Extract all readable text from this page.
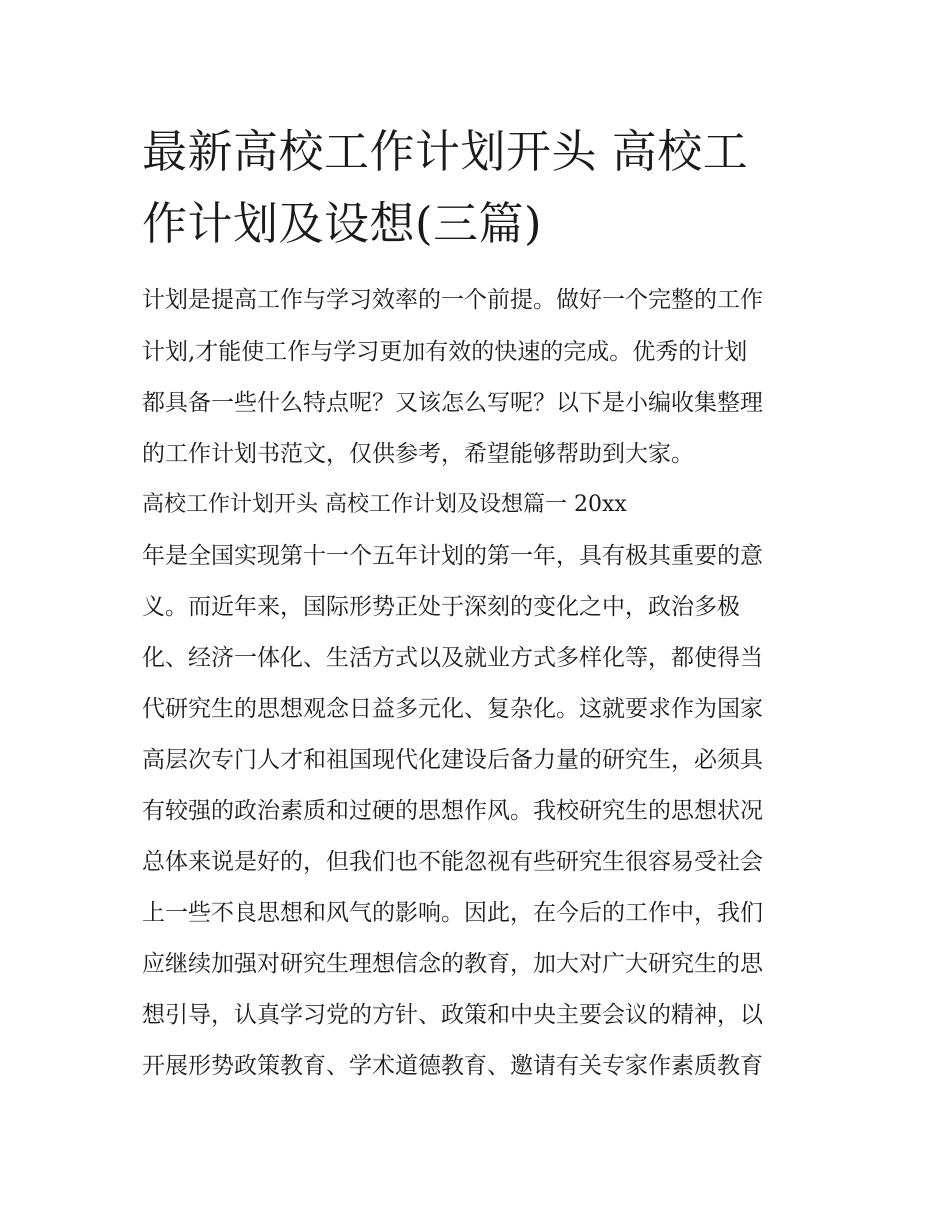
最新高校工作计划开头 高校工
作计划及设想(三篇)

计划是提高工作与学习效率的一个前提。做好一个完整的工作

计划,才能使工作与学习更加有效的快速的完成。优秀的计划

都具备一些什么特点呢？又该怎么写呢？以下是小编收集整理

的工作计划书范文，仅供参考，希望能够帮助到大家。

高校工作计划开头 高校工作计划及设想篇一 20xx

年是全国实现第十一个五年计划的第一年，具有极其重要的意

义。而近年来，国际形势正处于深刻的变化之中，政治多极

化、经济一体化、生活方式以及就业方式多样化等，都使得当

代研究生的思想观念日益多元化、复杂化。这就要求作为国家

高层次专门人才和祖国现代化建设后备力量的研究生，必须具

有较强的政治素质和过硬的思想作风。我校研究生的思想状况

总体来说是好的，但我们也不能忽视有些研究生很容易受社会

上一些不良思想和风气的影响。因此，在今后的工作中，我们

应继续加强对研究生理想信念的教育，加大对广大研究生的思

想引导，认真学习党的方针、政策和中央主要会议的精神，以

开展形势政策教育、学术道德教育、邀请有关专家作素质教育
